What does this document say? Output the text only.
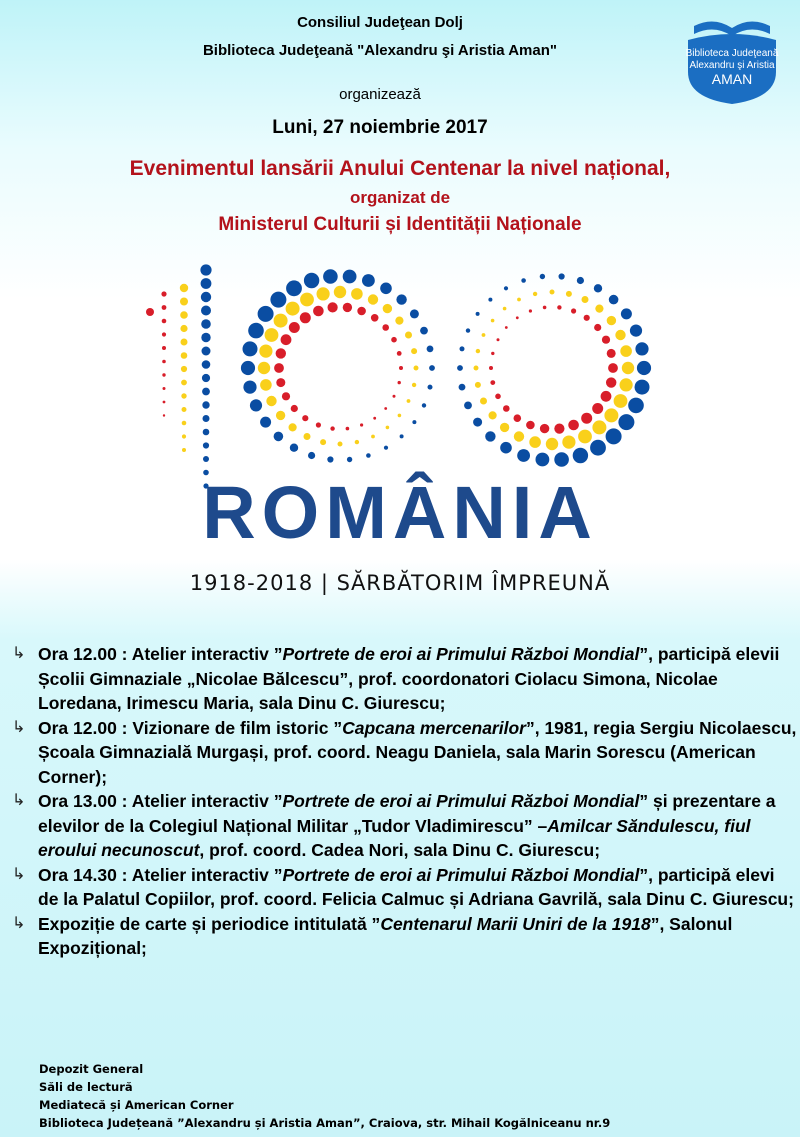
Consiliul Judeţean Dolj
Biblioteca Judeţeană "Alexandru şi Aristia Aman"
organizează
Luni, 27 noiembrie 2017
Evenimentul lansării Anului Centenar la nivel național,
organizat de
Ministerul Culturii și Identității Naționale
Biblioteca Judeţeană
Alexandru şi Aristia
AMAN
ROMÂNIA
1918-2018 | SĂRBĂTORIM ÎMPREUNĂ
↳ Ora 12.00 : Atelier interactiv ”Portrete de eroi ai Primului Război Mondial”, participă elevii Școlii Gimnaziale „Nicolae Bălcescu”, prof. coordonatori Ciolacu Simona, Nicolae Loredana, Irimescu Maria, sala Dinu C. Giurescu;
↳ Ora 12.00 : Vizionare de film istoric ”Capcana mercenarilor”, 1981, regia Sergiu Nicolaescu, Școala Gimnazială Murgași, prof. coord. Neagu Daniela, sala Marin Sorescu (American Corner);
↳ Ora 13.00 : Atelier interactiv ”Portrete de eroi ai Primului Război Mondial” și prezentare a elevilor de la Colegiul Național Militar „Tudor Vladimirescu” –Amilcar Săndulescu, fiul eroului necunoscut, prof. coord. Cadea Nori, sala Dinu C. Giurescu;
↳ Ora 14.30 : Atelier interactiv ”Portrete de eroi ai Primului Război Mondial”, participă elevi de la Palatul Copiilor, prof. coord. Felicia Calmuc și Adriana Gavrilă, sala Dinu C. Giurescu;
↳ Expoziție de carte și periodice intitulată ”Centenarul Marii Uniri de la 1918”, Salonul Expozițional;
Depozit General
Săli de lectură
Mediatecă și American Corner
Biblioteca Județeană ”Alexandru și Aristia Aman”, Craiova, str. Mihail Kogălniceanu nr.9
